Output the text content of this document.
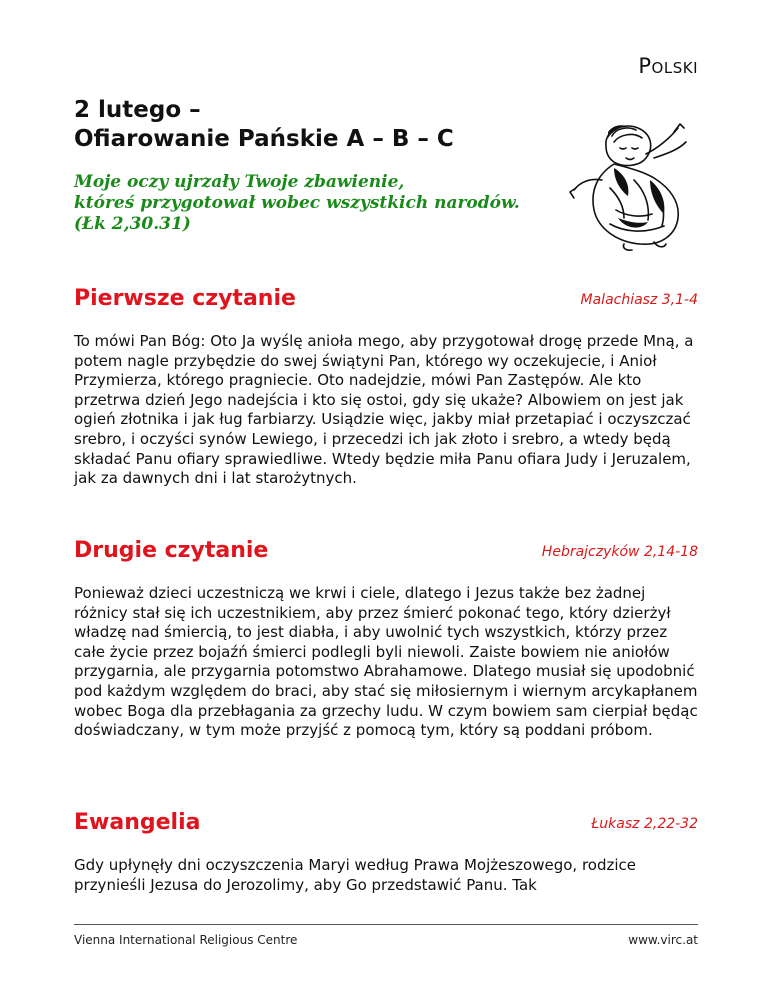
Polski
2 lutego –
Ofiarowanie Pańskie A – B – C
Moje oczy ujrzały Twoje zbawienie,
któreś przygotował wobec wszystkich narodów.
(Łk 2,30.31)
Pierwsze czytanie	Malachiasz 3,1-4
To mówi Pan Bóg: Oto Ja wyślę anioła mego, aby przygotował drogę przede Mną, a potem nagle przybędzie do swej świątyni Pan, którego wy oczekujecie, i Anioł Przymierza, którego pragniecie. Oto nadejdzie, mówi Pan Zastępów. Ale kto przetrwa dzień Jego nadejścia i kto się ostoi, gdy się ukaże? Albowiem on jest jak ogień złotnika i jak ług farbiarzy. Usiądzie więc, jakby miał przetapiać i oczyszczać srebro, i oczyści synów Lewiego, i przecedzi ich jak złoto i srebro, a wtedy będą składać Panu ofiary sprawiedliwe. Wtedy będzie miła Panu ofiara Judy i Jeruzalem, jak za dawnych dni i lat starożytnych.
Drugie czytanie	Hebrajczyków 2,14-18
Ponieważ dzieci uczestniczą we krwi i ciele, dlatego i Jezus także bez żadnej różnicy stał się ich uczestnikiem, aby przez śmierć pokonać tego, który dzierżył władzę nad śmiercią, to jest diabła, i aby uwolnić tych wszystkich, którzy przez całe życie przez bojaźń śmierci podlegli byli niewoli. Zaiste bowiem nie aniołów przygarnia, ale przygarnia potomstwo Abrahamowe. Dlatego musiał się upodobnić pod każdym względem do braci, aby stać się miłosiernym i wiernym arcykapłanem wobec Boga dla przebłagania za grzechy ludu. W czym bowiem sam cierpiał będąc doświadczany, w tym może przyjść z pomocą tym, który są poddani próbom.
Ewangelia	Łukasz 2,22-32
Gdy upłynęły dni oczyszczenia Maryi według Prawa Mojżeszowego, rodzice przynieśli Jezusa do Jerozolimy, aby Go przedstawić Panu. Tak
Vienna International Religious Centre	www.virc.at
